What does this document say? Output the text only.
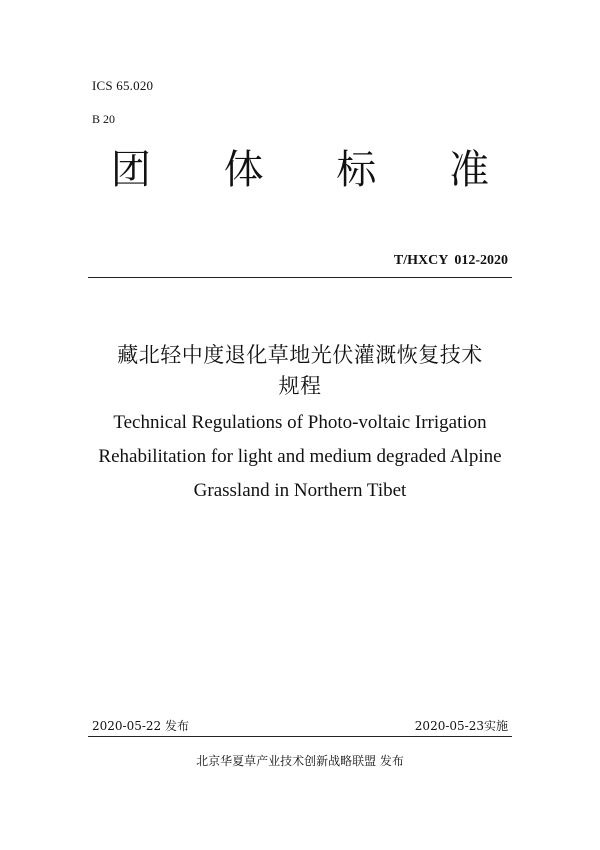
ICS 65.020
B 20
团 体 标 准
T/HXCY 012-2020
藏北轻中度退化草地光伏灌溉恢复技术
规程
Technical Regulations of Photo-voltaic Irrigation
Rehabilitation for light and medium degraded Alpine
Grassland in Northern Tibet
2020-05-22 发布	2020-05-23实施
北京华夏草产业技术创新战略联盟 发布
